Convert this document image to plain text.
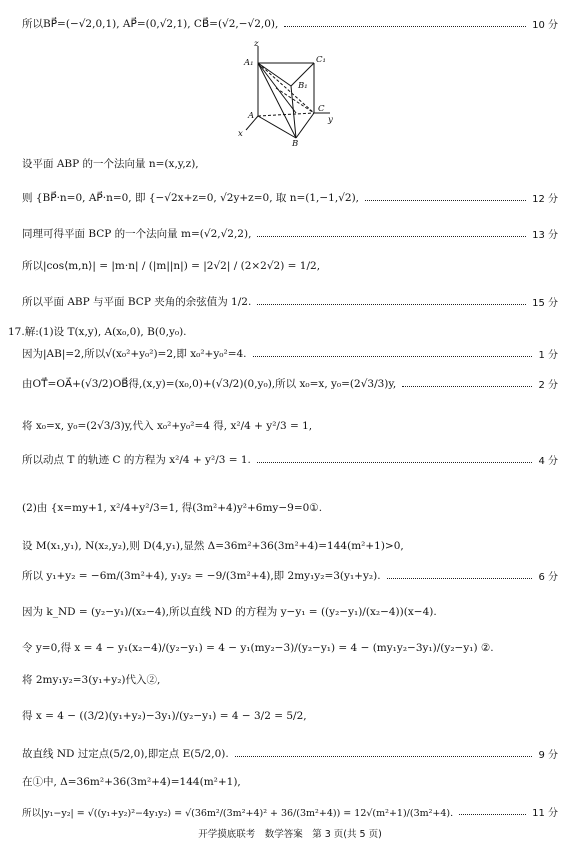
z
A₁	C₁
B₁
C
A
x
y
B
所以BP⃗=(−√2,0,1), AP⃗=(0,√2,1), CB⃗=(√2,−√2,0),	10 分
设平面 ABP 的一个法向量 n=(x,y,z),
则 {BP⃗·n=0, AP⃗·n=0, 即 {−√2x+z=0, √2y+z=0, 取 n=(1,−1,√2),	12 分
同理可得平面 BCP 的一个法向量 m=(√2,√2,2),	13 分
所以|cos⟨m,n⟩| = |m·n| / (|m||n|) = |2√2| / (2×2√2) = 1/2,
所以平面 ABP 与平面 BCP 夹角的余弦值为 1/2.	15 分
17.解:(1)设 T(x,y), A(x₀,0), B(0,y₀).
因为|AB|=2,所以√(x₀²+y₀²)=2,即 x₀²+y₀²=4.	1 分
由OT⃗=OA⃗+(√3/2)OB⃗得,(x,y)=(x₀,0)+(√3/2)(0,y₀),所以 x₀=x, y₀=(2√3/3)y,	2 分
将 x₀=x, y₀=(2√3/3)y,代入 x₀²+y₀²=4 得, x²/4 + y²/3 = 1,
所以动点 T 的轨迹 C 的方程为 x²/4 + y²/3 = 1.	4 分
(2)由 {x=my+1, x²/4+y²/3=1, 得(3m²+4)y²+6my−9=0①.
设 M(x₁,y₁), N(x₂,y₂),则 D(4,y₁),显然 Δ=36m²+36(3m²+4)=144(m²+1)>0,
所以 y₁+y₂ = −6m/(3m²+4), y₁y₂ = −9/(3m²+4),即 2my₁y₂=3(y₁+y₂).	6 分
因为 k_ND = (y₂−y₁)/(x₂−4),所以直线 ND 的方程为 y−y₁ = ((y₂−y₁)/(x₂−4))(x−4).
令 y=0,得 x = 4 − y₁(x₂−4)/(y₂−y₁) = 4 − y₁(my₂−3)/(y₂−y₁) = 4 − (my₁y₂−3y₁)/(y₂−y₁) ②.
将 2my₁y₂=3(y₁+y₂)代入②,
得 x = 4 − ((3/2)(y₁+y₂)−3y₁)/(y₂−y₁) = 4 − 3/2 = 5/2,
故直线 ND 过定点(5/2,0),即定点 E(5/2,0).	9 分
在①中, Δ=36m²+36(3m²+4)=144(m²+1),
所以|y₁−y₂| = √((y₁+y₂)²−4y₁y₂) = √(36m²/(3m²+4)² + 36/(3m²+4)) = 12√(m²+1)/(3m²+4).	11 分
开学摸底联考　数学答案　第 3 页(共 5 页)
